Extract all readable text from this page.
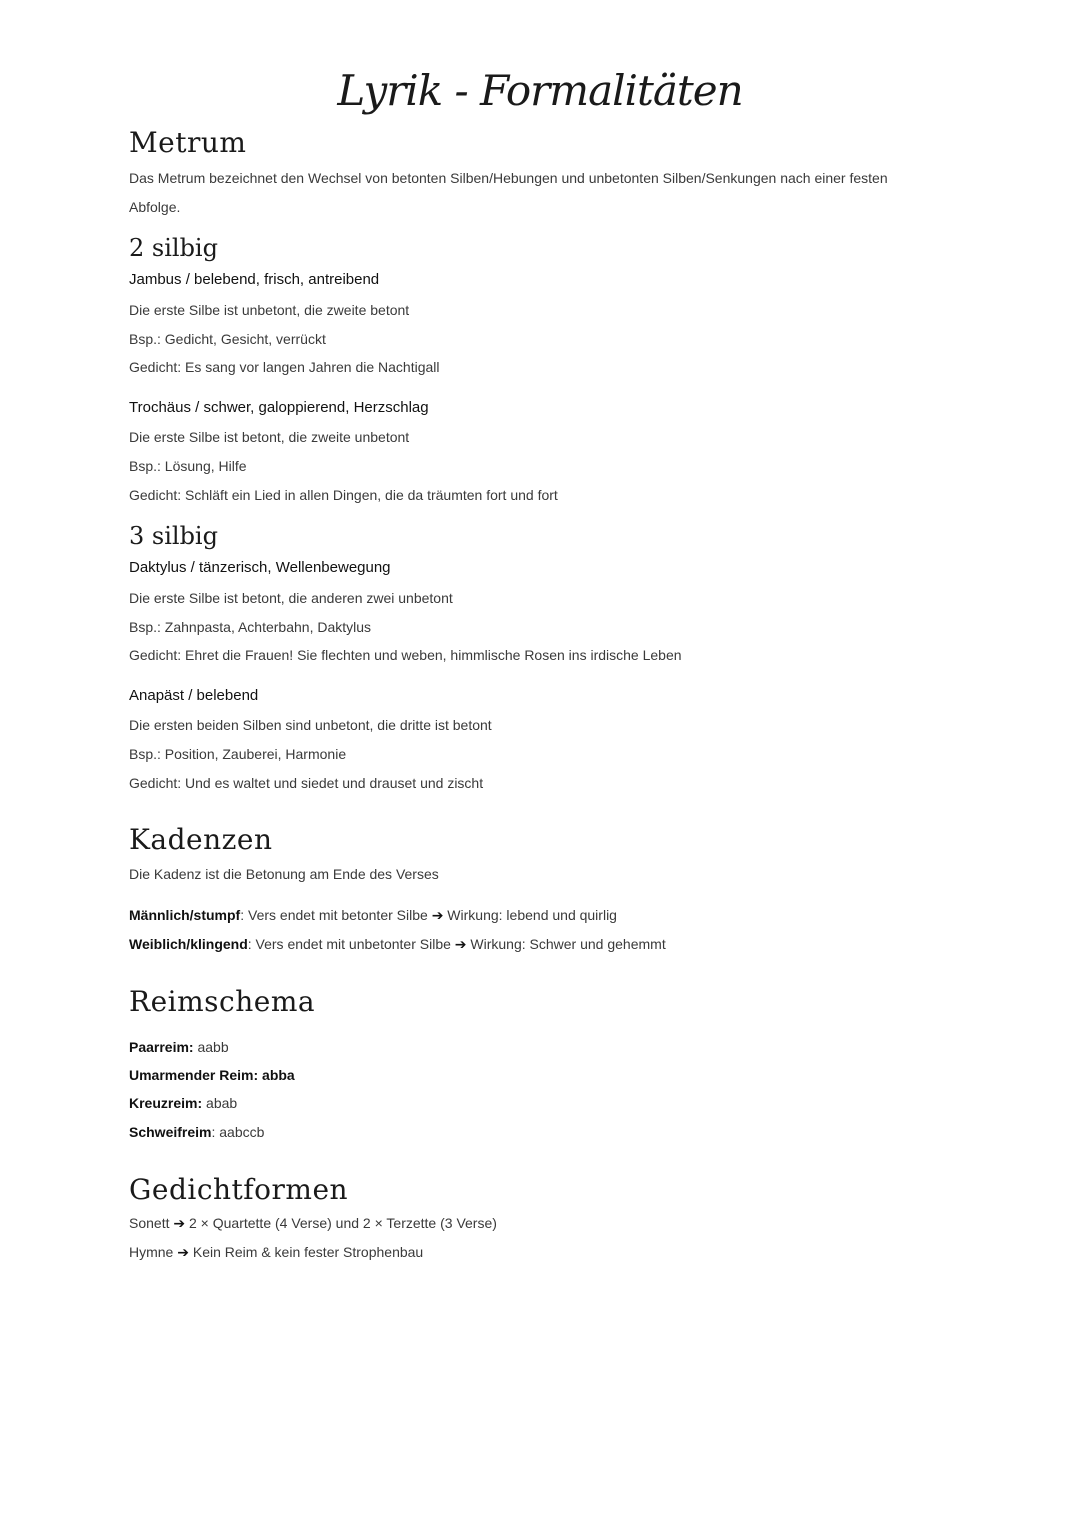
Lyrik - Formalitäten
Metrum
Das Metrum bezeichnet den Wechsel von betonten Silben/Hebungen und unbetonten Silben/Senkungen nach einer festen
Abfolge.
2 silbig
Jambus / belebend, frisch, antreibend
Die erste Silbe ist unbetont, die zweite betont
Bsp.: Gedicht, Gesicht, verrückt
Gedicht: Es sang vor langen Jahren die Nachtigall
Trochäus / schwer, galoppierend, Herzschlag
Die erste Silbe ist betont, die zweite unbetont
Bsp.: Lösung, Hilfe
Gedicht: Schläft ein Lied in allen Dingen, die da träumten fort und fort
3 silbig
Daktylus / tänzerisch, Wellenbewegung
Die erste Silbe ist betont, die anderen zwei unbetont
Bsp.: Zahnpasta, Achterbahn, Daktylus
Gedicht: Ehret die Frauen! Sie flechten und weben, himmlische Rosen ins irdische Leben
Anapäst / belebend
Die ersten beiden Silben sind unbetont, die dritte ist betont
Bsp.: Position, Zauberei, Harmonie
Gedicht: Und es waltet und siedet und drauset und zischt
Kadenzen
Die Kadenz ist die Betonung am Ende des Verses
Männlich/stumpf: Vers endet mit betonter Silbe ➔ Wirkung: lebend und quirlig
Weiblich/klingend: Vers endet mit unbetonter Silbe ➔ Wirkung: Schwer und gehemmt
Reimschema
Paarreim: aabb
Umarmender Reim: abba
Kreuzreim: abab
Schweifreim: aabccb
Gedichtformen
Sonett ➔ 2 × Quartette (4 Verse) und 2 × Terzette (3 Verse)
Hymne ➔ Kein Reim & kein fester Strophenbau
